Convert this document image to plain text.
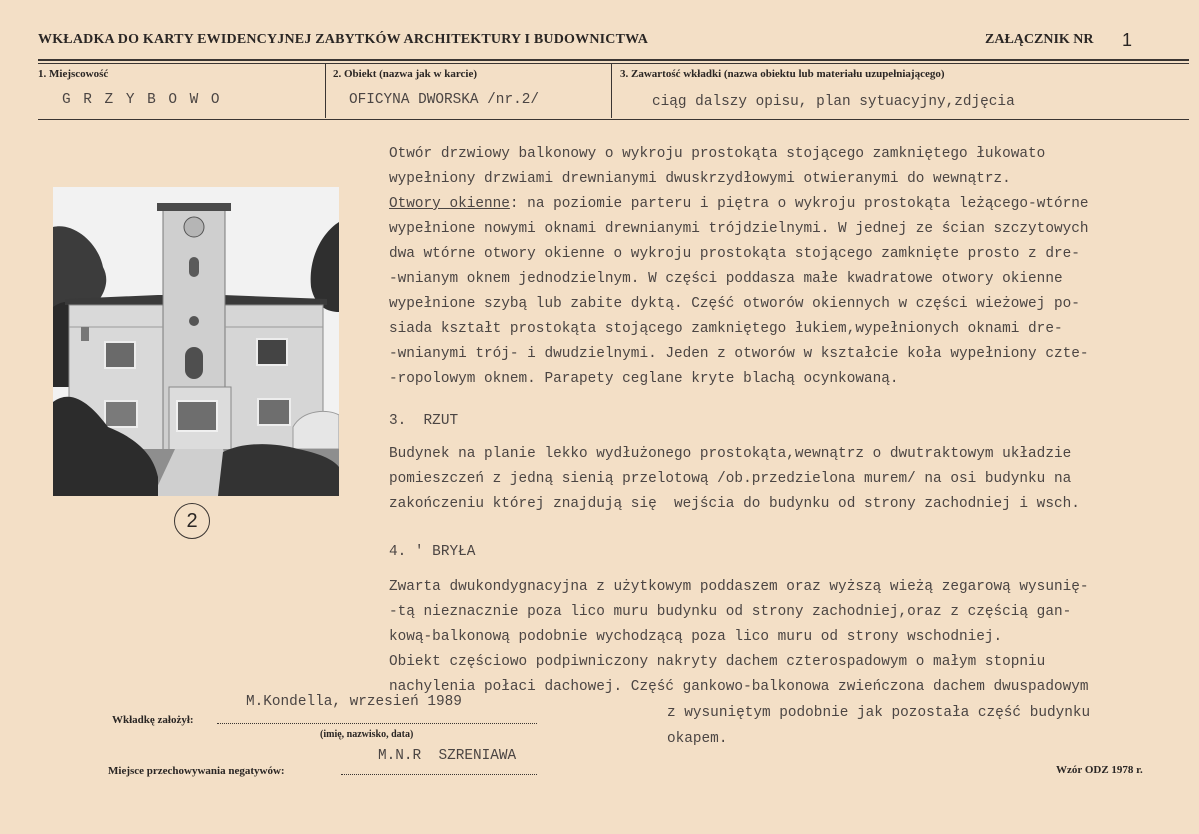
WKŁADKA DO KARTY EWIDENCYJNEJ ZABYTKÓW ARCHITEKTURY I BUDOWNICTWA	ZAŁĄCZNIK NR 1
1. Miejscowość	2. Obiekt (nazwa jak w karcie)	3. Zawartość wkładki (nazwa obiektu lub materiału uzupełniającego)
G R Z Y B O W O	OFICYNA DWORSKA /nr.2/	ciąg dalszy opisu, plan sytuacyjny,zdjęcia
2
Otwór drzwiowy balkonowy o wykroju prostokąta stojącego zamkniętego łukowato
wypełniony drzwiami drewnianymi dwuskrzydłowymi otwieranymi do wewnątrz.
Otwory okienne: na poziomie parteru i piętra o wykroju prostokąta leżącego-wtórne
wypełnione nowymi oknami drewnianymi trójdzielnymi. W jednej ze ścian szczytowych
dwa wtórne otwory okienne o wykroju prostokąta stojącego zamknięte prosto z dre-
-wnianym oknem jednodzielnym. W części poddasza małe kwadratowe otwory okienne
wypełnione szybą lub zabite dyktą. Część otworów okiennych w części wieżowej po-
siada kształt prostokąta stojącego zamkniętego łukiem,wypełnionych oknami dre-
-wnianymi trój- i dwudzielnymi. Jeden z otworów w kształcie koła wypełniony czte-
-ropolowym oknem. Parapety ceglane kryte blachą ocynkowaną.
3.  RZUT
Budynek na planie lekko wydłużonego prostokąta,wewnątrz o dwutraktowym układzie
pomieszczeń z jedną sienią przelotową /ob.przedzielona murem/ na osi budynku na
zakończeniu której znajdują się  wejścia do budynku od strony zachodniej i wsch.
4. ' BRYŁA
Zwarta dwukondygnacyjna z użytkowym poddaszem oraz wyższą wieżą zegarową wysunię-
-tą nieznacznie poza lico muru budynku od strony zachodniej,oraz z częścią gan-
kową-balkonową podobnie wychodzącą poza lico muru od strony wschodniej.
Obiekt częściowo podpiwniczony nakryty dachem czterospadowym o małym stopniu
nachylenia połaci dachowej. Część gankowo-balkonowa zwieńczona dachem dwuspadowym
z wysuniętym podobnie jak pozostała część budynku
okapem.
Wkładkę założył:
M.Kondella, wrzesień 1989
(imię, nazwisko, data)
Miejsce przechowywania negatywów:
M.N.R  SZRENIAWA
Wzór ODZ 1978 r.
